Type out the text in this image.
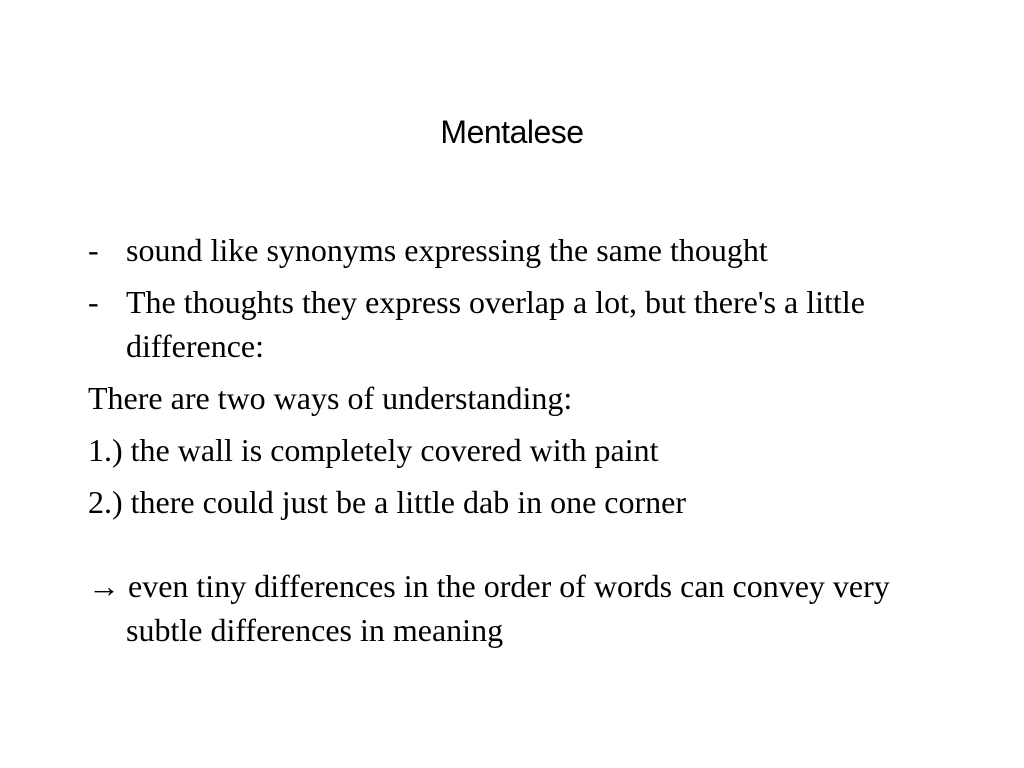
Mentalese
- sound like synonyms expressing the same thought
- The thoughts they express overlap a lot, but there's a little difference:
There are two ways of understanding:
1.) the wall is completely covered with paint
2.) there could just be a little dab in one corner
→ even tiny differences in the order of words can convey very subtle differences in meaning
